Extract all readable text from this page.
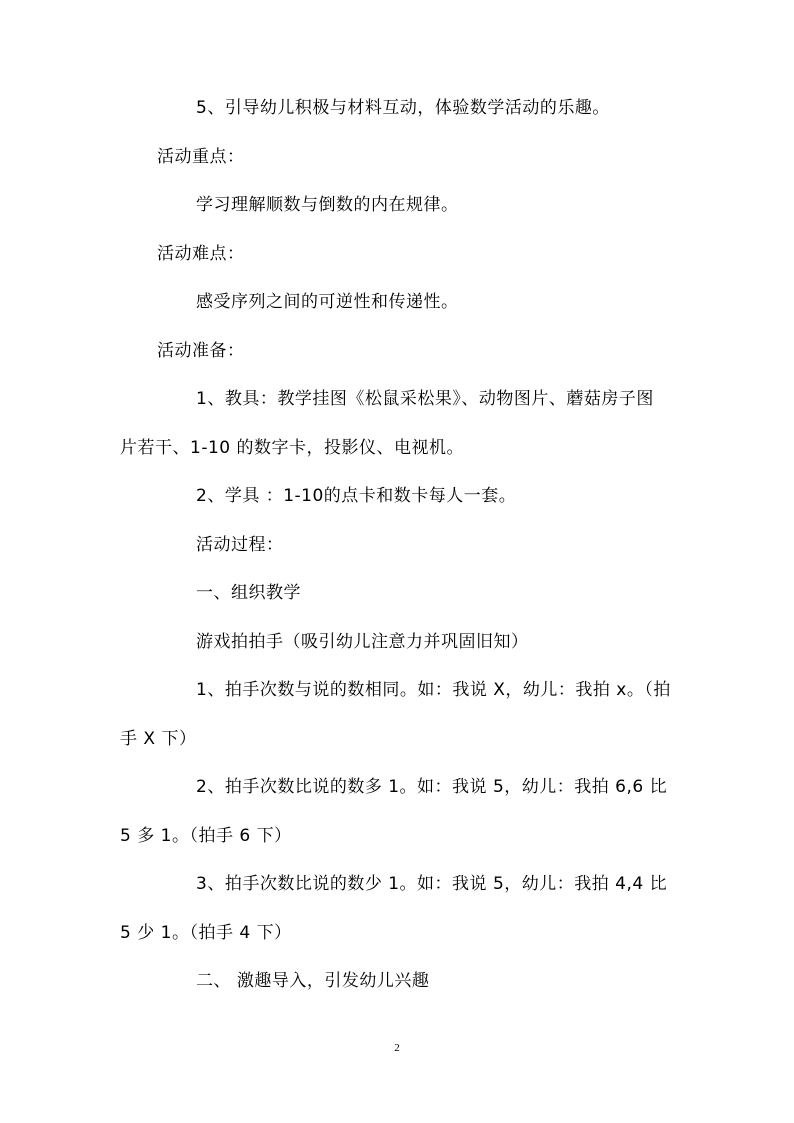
5、引导幼儿积极与材料互动，体验数学活动的乐趣。
活动重点：
学习理解顺数与倒数的内在规律。
活动难点：
感受序列之间的可逆性和传递性。
活动准备：
1、教具：教学挂图《松鼠采松果》、动物图片、蘑菇房子图
片若干、1-10 的数字卡，投影仪、电视机。
2、学具 ：1-10的点卡和数卡每人一套。
活动过程：
一、组织教学
游戏拍拍手（吸引幼儿注意力并巩固旧知）
1、拍手次数与说的数相同。如：我说 X，幼儿：我拍 x。（拍
手 X 下）
2、拍手次数比说的数多 1。如：我说 5，幼儿：我拍 6,6 比
5 多 1。（拍手 6 下）
3、拍手次数比说的数少 1。如：我说 5，幼儿：我拍 4,4 比
5 少 1。（拍手 4 下）
二、 激趣导入，引发幼儿兴趣
2
